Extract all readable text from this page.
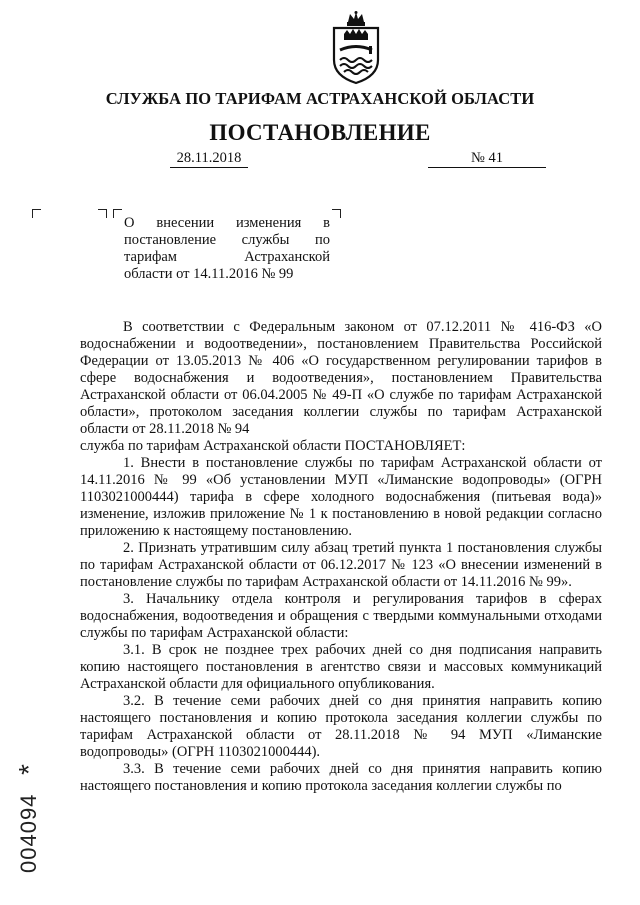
СЛУЖБА ПО ТАРИФАМ АСТРАХАНСКОЙ ОБЛАСТИ
ПОСТАНОВЛЕНИЕ
28.11.2018	№ 41
О внесении изменения в
постановление службы по
тарифам Астраханской
области от 14.11.2016 № 99

В соответствии с Федеральным законом от 07.12.2011 № 416-ФЗ «О водоснабжении и водоотведении», постановлением Правительства Российской Федерации от 13.05.2013 № 406 «О государственном регулировании тарифов в сфере водоснабжения и водоотведения», постановлением Правительства Астраханской области от 06.04.2005 № 49-П «О службе по тарифам Астраханской области», протоколом заседания коллегии службы по тарифам Астраханской области от 28.11.2018 № 94

служба по тарифам Астраханской области ПОСТАНОВЛЯЕТ:

1. Внести в постановление службы по тарифам Астраханской области от 14.11.2016 № 99 «Об установлении МУП «Лиманские водопроводы» (ОГРН 1103021000444) тарифа в сфере холодного водоснабжения (питьевая вода)» изменение, изложив приложение № 1 к постановлению в новой редакции согласно приложению к настоящему постановлению.

2. Признать утратившим силу абзац третий пункта 1 постановления службы по тарифам Астраханской области от 06.12.2017 № 123 «О внесении изменений в постановление службы по тарифам Астраханской области от 14.11.2016 № 99».

3. Начальнику отдела контроля и регулирования тарифов в сферах водоснабжения, водоотведения и обращения с твердыми коммунальными отходами службы по тарифам Астраханской области:

3.1. В срок не позднее трех рабочих дней со дня подписания направить копию настоящего постановления в агентство связи и массовых коммуникаций Астраханской области для официального опубликования.

3.2. В течение семи рабочих дней со дня принятия направить копию настоящего постановления и копию протокола заседания коллегии службы по тарифам Астраханской области от 28.11.2018 № 94 МУП «Лиманские водопроводы» (ОГРН 1103021000444).

3.3. В течение семи рабочих дней со дня принятия направить копию настоящего постановления и копию протокола заседания коллегии службы по

004094
*
